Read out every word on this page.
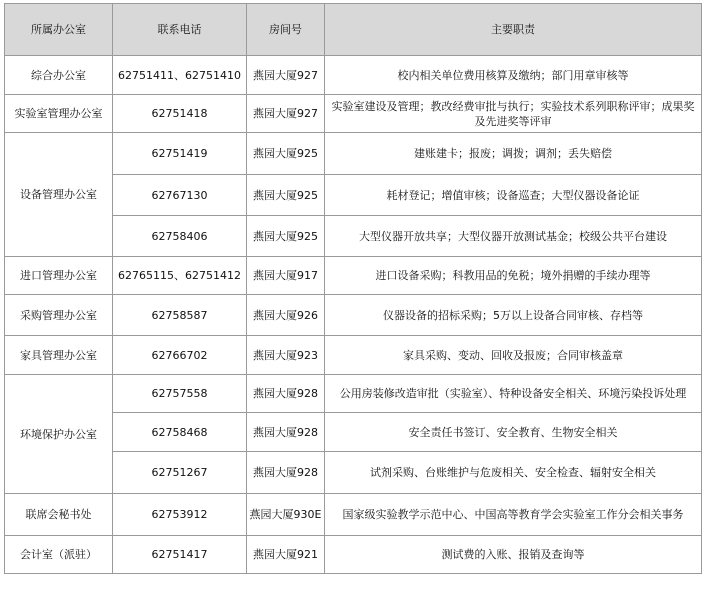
所属办公室	联系电话	房间号	主要职责
综合办公室	62751411、62751410	燕园大厦927	校内相关单位费用核算及缴纳；部门用章审核等
实验室管理办公室	62751418	燕园大厦927	实验室建设及管理；教改经费审批与执行；实验技术系列职称评审；成果奖及先进奖等评审
设备管理办公室	62751419	燕园大厦925	建账建卡；报废；调拨；调剂；丢失赔偿
	62767130	燕园大厦925	耗材登记；增值审核；设备巡查；大型仪器设备论证
	62758406	燕园大厦925	大型仪器开放共享；大型仪器开放测试基金；校级公共平台建设
进口管理办公室	62765115、62751412	燕园大厦917	进口设备采购；科教用品的免税；境外捐赠的手续办理等
采购管理办公室	62758587	燕园大厦926	仪器设备的招标采购；5万以上设备合同审核、存档等
家具管理办公室	62766702	燕园大厦923	家具采购、变动、回收及报废；合同审核盖章
环境保护办公室	62757558	燕园大厦928	公用房装修改造审批（实验室）、特种设备安全相关、环境污染投诉处理
	62758468	燕园大厦928	安全责任书签订、安全教育、生物安全相关
	62751267	燕园大厦928	试剂采购、台账维护与危废相关、安全检查、辐射安全相关
联席会秘书处	62753912	燕园大厦930E	国家级实验教学示范中心、中国高等教育学会实验室工作分会相关事务
会计室（派驻）	62751417	燕园大厦921	测试费的入账、报销及查询等
